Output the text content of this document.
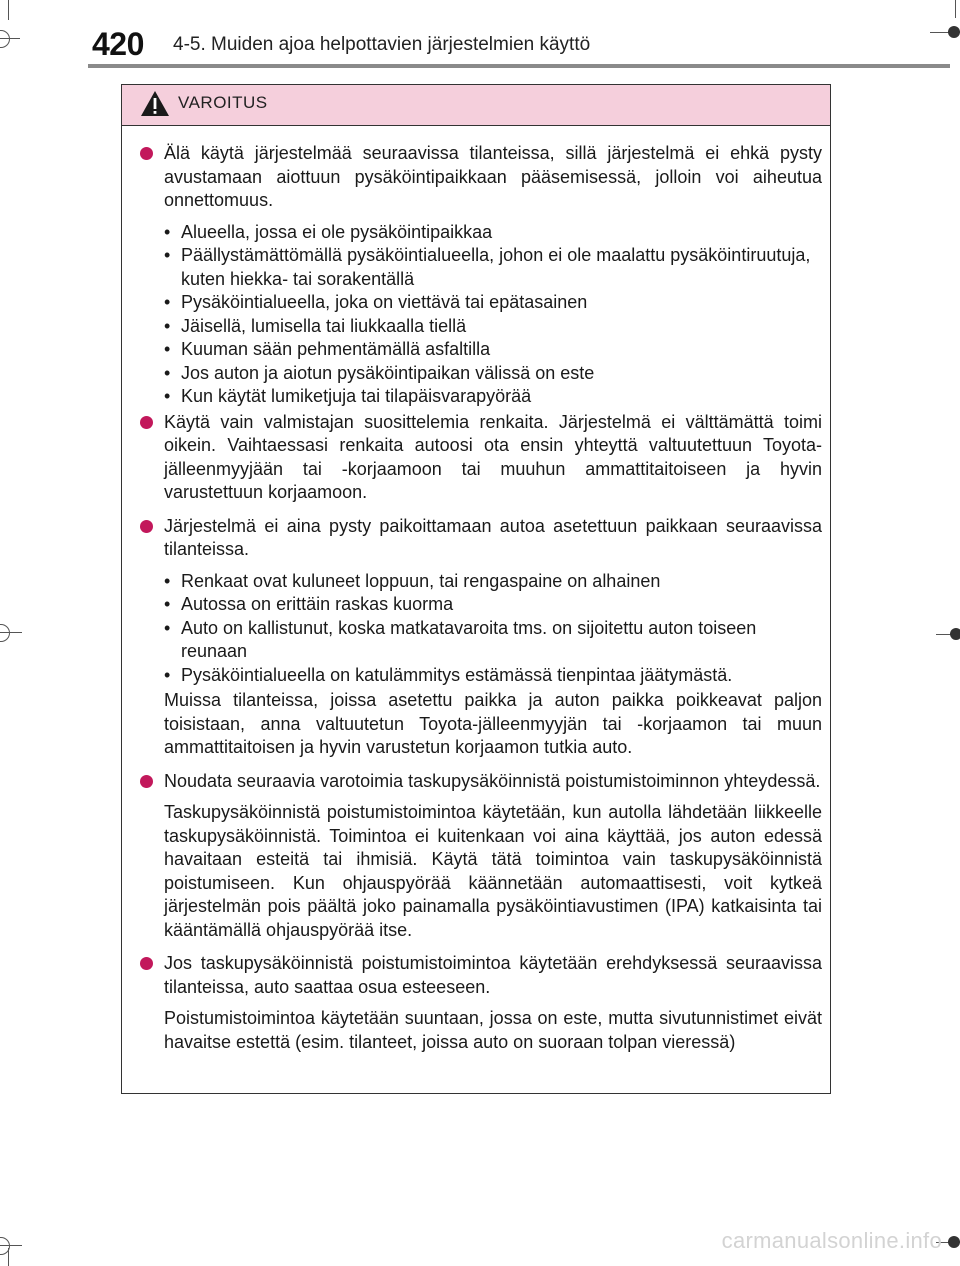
420 4-5. Muiden ajoa helpottavien järjestelmien käyttö
VAROITUS
Älä käytä järjestelmää seuraavissa tilanteissa, sillä järjestelmä ei ehkä pysty avustamaan aiottuun pysäköintipaikkaan pääsemisessä, jolloin voi aiheutua onnettomuus.
• Alueella, jossa ei ole pysäköintipaikkaa
• Päällystämättömällä pysäköintialueella, johon ei ole maalattu pysäköintiruutuja, kuten hiekka- tai sorakentällä
• Pysäköintialueella, joka on viettävä tai epätasainen
• Jäisellä, lumisella tai liukkaalla tiellä
• Kuuman sään pehmentämällä asfaltilla
• Jos auton ja aiotun pysäköintipaikan välissä on este
• Kun käytät lumiketjuja tai tilapäisvarapyörää
Käytä vain valmistajan suosittelemia renkaita. Järjestelmä ei välttämättä toimi oikein. Vaihtaessasi renkaita autoosi ota ensin yhteyttä valtuutettuun Toyota-jälleenmyyjään tai -korjaamoon tai muuhun ammattitaitoiseen ja hyvin varustettuun korjaamoon.
Järjestelmä ei aina pysty paikoittamaan autoa asetettuun paikkaan seuraavissa tilanteissa.
• Renkaat ovat kuluneet loppuun, tai rengaspaine on alhainen
• Autossa on erittäin raskas kuorma
• Auto on kallistunut, koska matkatavaroita tms. on sijoitettu auton toiseen reunaan
• Pysäköintialueella on katulämmitys estämässä tienpintaa jäätymästä.
Muissa tilanteissa, joissa asetettu paikka ja auton paikka poikkeavat paljon toisistaan, anna valtuutetun Toyota-jälleenmyyjän tai -korjaamon tai muun ammattitaitoisen ja hyvin varustetun korjaamon tutkia auto.
Noudata seuraavia varotoimia taskupysäköinnistä poistumistoiminnon yhteydessä.
Taskupysäköinnistä poistumistoimintoa käytetään, kun autolla lähdetään liikkeelle taskupysäköinnistä. Toimintoa ei kuitenkaan voi aina käyttää, jos auton edessä havaitaan esteitä tai ihmisiä. Käytä tätä toimintoa vain taskupysäköinnistä poistumiseen. Kun ohjauspyörää käännetään automaattisesti, voit kytkeä järjestelmän pois päältä joko painamalla pysäköintiavustimen (IPA) katkaisinta tai kääntämällä ohjauspyörää itse.
Jos taskupysäköinnistä poistumistoimintoa käytetään erehdyksessä seuraavissa tilanteissa, auto saattaa osua esteeseen.
Poistumistoimintoa käytetään suuntaan, jossa on este, mutta sivutunnistimet eivät havaitse estettä (esim. tilanteet, joissa auto on suoraan tolpan vieressä)
carmanualsonline.info
